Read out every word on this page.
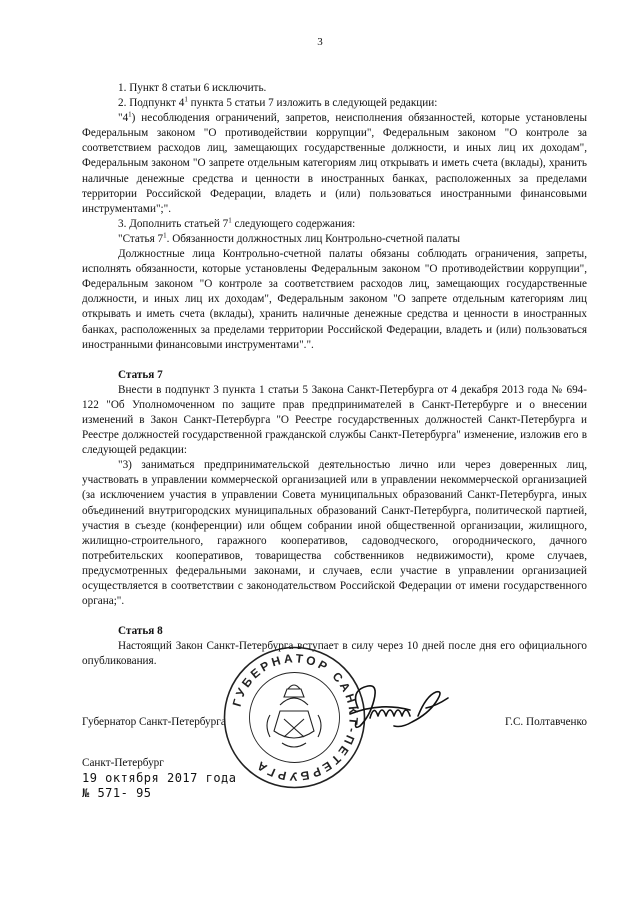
3

1. Пункт 8 статьи 6 исключить.

2. Подпункт $4^1$ пункта 5 статьи 7 изложить в следующей редакции:

"$4^1$) несоблюдения ограничений, запретов, неисполнения обязанностей, которые установлены Федеральным законом "О противодействии коррупции", Федеральным законом "О контроле за соответствием расходов лиц, замещающих государственные должности, и иных лиц их доходам", Федеральным законом "О запрете отдельным категориям лиц открывать и иметь счета (вклады), хранить наличные денежные средства и ценности в иностранных банках, расположенных за пределами территории Российской Федерации, владеть и (или) пользоваться иностранными финансовыми инструментами";".

3. Дополнить статьей $7^1$ следующего содержания:

"Статья $7^1$. Обязанности должностных лиц Контрольно-счетной палаты

Должностные лица Контрольно-счетной палаты обязаны соблюдать ограничения, запреты, исполнять обязанности, которые установлены Федеральным законом "О противодействии коррупции", Федеральным законом "О контроле за соответствием расходов лиц, замещающих государственные должности, и иных лиц их доходам", Федеральным законом "О запрете отдельным категориям лиц открывать и иметь счета (вклады), хранить наличные денежные средства и ценности в иностранных банках, расположенных за пределами территории Российской Федерации, владеть и (или) пользоваться иностранными финансовыми инструментами".".

Статья 7

Внести в подпункт 3 пункта 1 статьи 5 Закона Санкт-Петербурга от 4 декабря 2013 года № 694-122 "Об Уполномоченном по защите прав предпринимателей в Санкт-Петербурге и о внесении изменений в Закон Санкт-Петербурга "О Реестре государственных должностей Санкт-Петербурга и Реестре должностей государственной гражданской службы Санкт-Петербурга" изменение, изложив его в следующей редакции:

"3) заниматься предпринимательской деятельностью лично или через доверенных лиц, участвовать в управлении коммерческой организацией или в управлении некоммерческой организацией (за исключением участия в управлении Совета муниципальных образований Санкт-Петербурга, иных объединений внутригородских муниципальных образований Санкт-Петербурга, политической партией, участия в съезде (конференции) или общем собрании иной общественной организации, жилищного, жилищно-строительного, гаражного кооперативов, садоводческого, огороднического, дачного потребительских кооперативов, товарищества собственников недвижимости), кроме случаев, предусмотренных федеральными законами, и случаев, если участие в управлении организацией осуществляется в соответствии с законодательством Российской Федерации от имени государственного органа;".

Статья 8

Настоящий Закон Санкт-Петербурга вступает в силу через 10 дней после дня его официального опубликования.

Губернатор Санкт-Петербурга	Г.С. Полтавченко
Санкт-Петербург
19 октября 2017 года
№ 571- 95
ГУБЕРНАТОР САНКТ-ПЕТЕРБУРГА
